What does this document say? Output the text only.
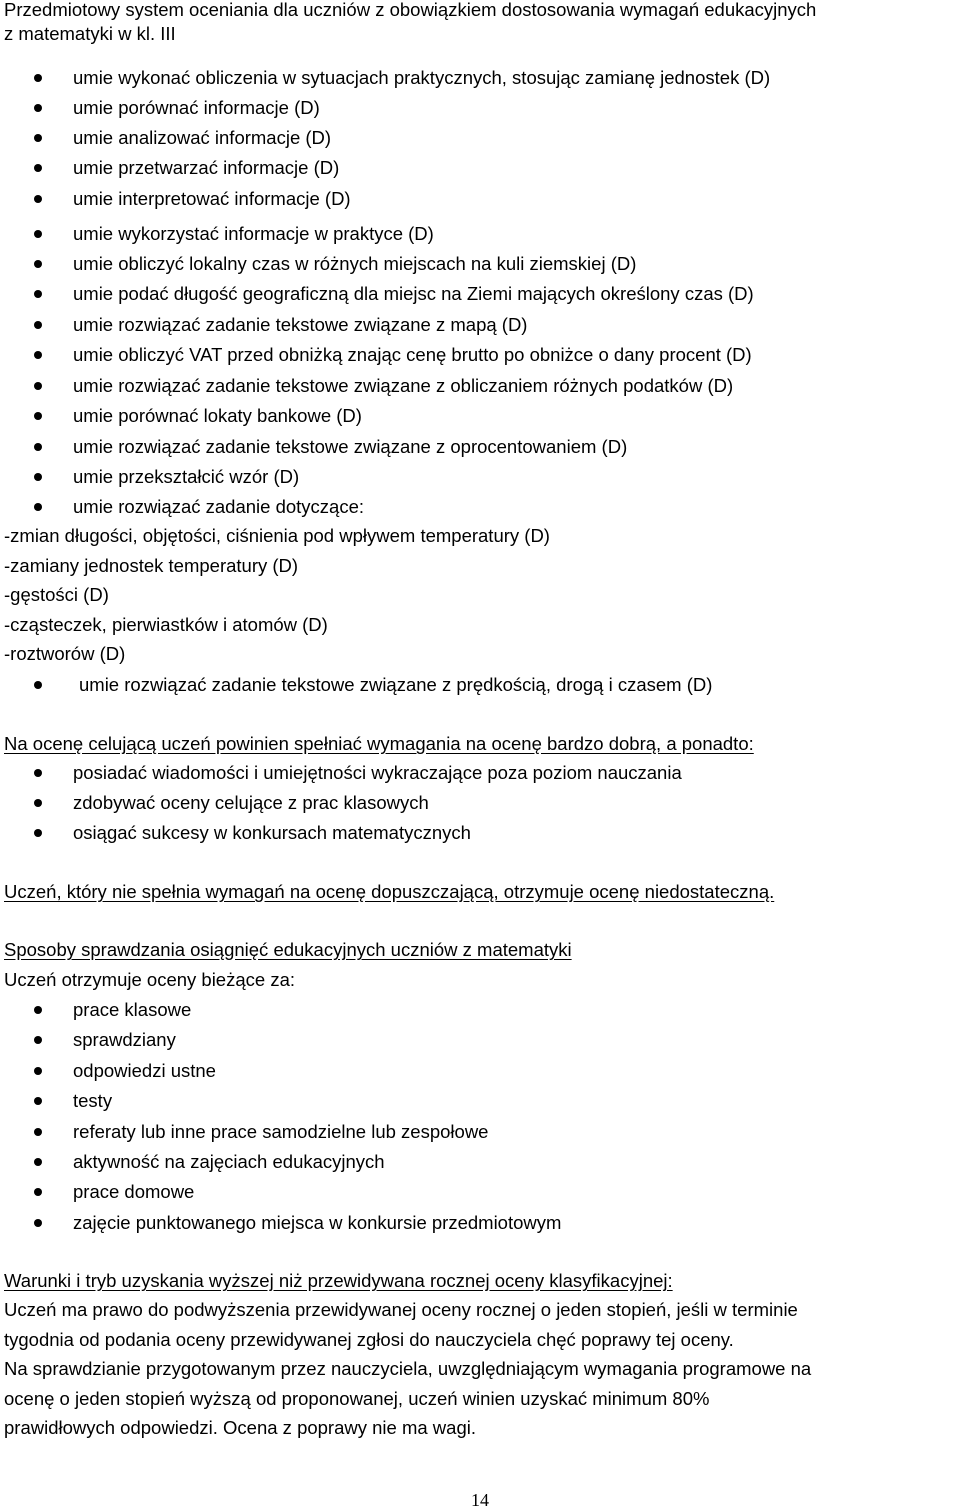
Przedmiotowy system oceniania dla uczniów z obowiązkiem dostosowania wymagań edukacyjnych
z matematyki w kl. III
umie wykonać obliczenia w sytuacjach praktycznych, stosując zamianę jednostek (D)
umie porównać informacje (D)
umie analizować informacje (D)
umie przetwarzać informacje (D)
umie interpretować informacje (D)
umie wykorzystać informacje w praktyce (D)
umie obliczyć lokalny czas w różnych miejscach na kuli ziemskiej (D)
umie podać długość geograficzną dla miejsc na Ziemi mających określony czas (D)
umie rozwiązać zadanie tekstowe związane z mapą (D)
umie obliczyć VAT przed obniżką znając cenę brutto po obniżce o dany procent (D)
umie rozwiązać zadanie tekstowe związane z obliczaniem różnych podatków (D)
umie porównać lokaty bankowe (D)
umie rozwiązać zadanie tekstowe związane z oprocentowaniem (D)
umie przekształcić wzór (D)
umie rozwiązać zadanie dotyczące:
-zmian długości, objętości, ciśnienia pod wpływem temperatury (D)
-zamiany jednostek temperatury (D)
-gęstości (D)
-cząsteczek, pierwiastków i atomów (D)
-roztworów (D)
umie rozwiązać zadanie tekstowe związane z prędkością, drogą i czasem (D)
Na ocenę celującą uczeń powinien spełniać wymagania na ocenę bardzo dobrą, a ponadto:
posiadać wiadomości i umiejętności wykraczające poza poziom nauczania
zdobywać oceny celujące z prac klasowych
osiągać sukcesy w konkursach matematycznych
Uczeń, który nie spełnia wymagań na ocenę dopuszczającą, otrzymuje ocenę niedostateczną.
Sposoby sprawdzania osiągnięć edukacyjnych uczniów z matematyki
Uczeń otrzymuje oceny bieżące za:
prace klasowe
sprawdziany
odpowiedzi ustne
testy
referaty lub inne prace samodzielne lub zespołowe
aktywność na zajęciach edukacyjnych
prace domowe
zajęcie punktowanego miejsca w konkursie przedmiotowym
Warunki i tryb uzyskania wyższej niż przewidywana rocznej oceny klasyfikacyjnej:
Uczeń ma prawo do podwyższenia przewidywanej oceny rocznej o jeden stopień, jeśli w terminie
tygodnia od podania oceny przewidywanej zgłosi do nauczyciela chęć poprawy tej oceny.
Na sprawdzianie przygotowanym przez nauczyciela, uwzględniającym wymagania programowe na
ocenę o jeden stopień wyższą od proponowanej, uczeń winien uzyskać minimum 80%
prawidłowych odpowiedzi. Ocena z poprawy nie ma wagi.
14
